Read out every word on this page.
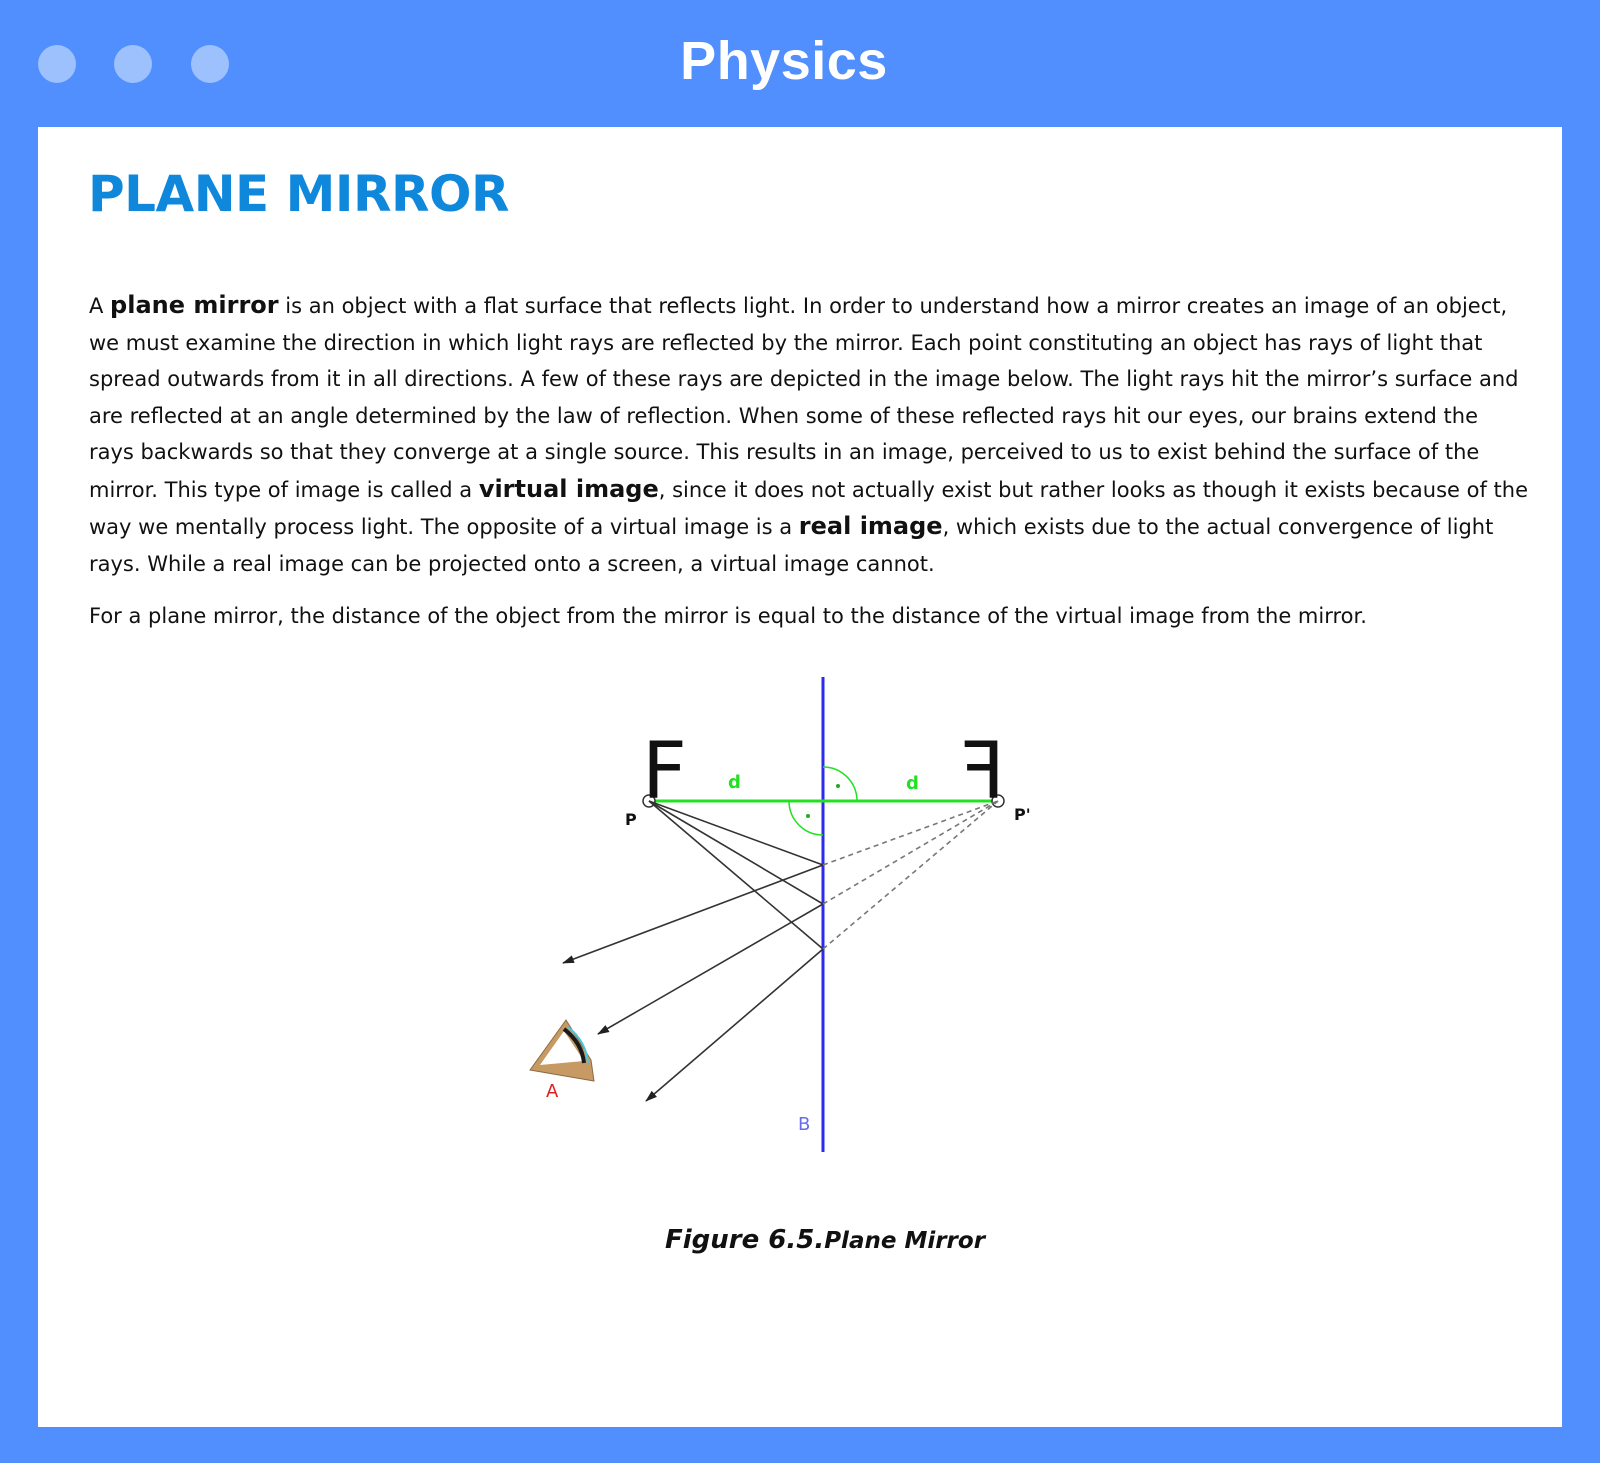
Physics
PLANE MIRROR

A plane mirror is an object with a flat surface that reflects light. In order to understand how a mirror creates an image of an object, we must examine the direction in which light rays are reflected by the mirror. Each point constituting an object has rays of light that spread outwards from it in all directions. A few of these rays are depicted in the image below. The light rays hit the mirror’s surface and are reflected at an angle determined by the law of reflection. When some of these reflected rays hit our eyes, our brains extend the rays backwards so that they converge at a single source. This results in an image, perceived to us to exist behind the surface of the mirror. This type of image is called a virtual image, since it does not actually exist but rather looks as though it exists because of the way we mentally process light. The opposite of a virtual image is a real image, which exists due to the actual convergence of light rays. While a real image can be projected onto a screen, a virtual image cannot.

For a plane mirror, the distance of the object from the mirror is equal to the distance of the virtual image from the mirror.

F	F
d	d
P	P'
A
B
Figure 6.5.Plane Mirror
